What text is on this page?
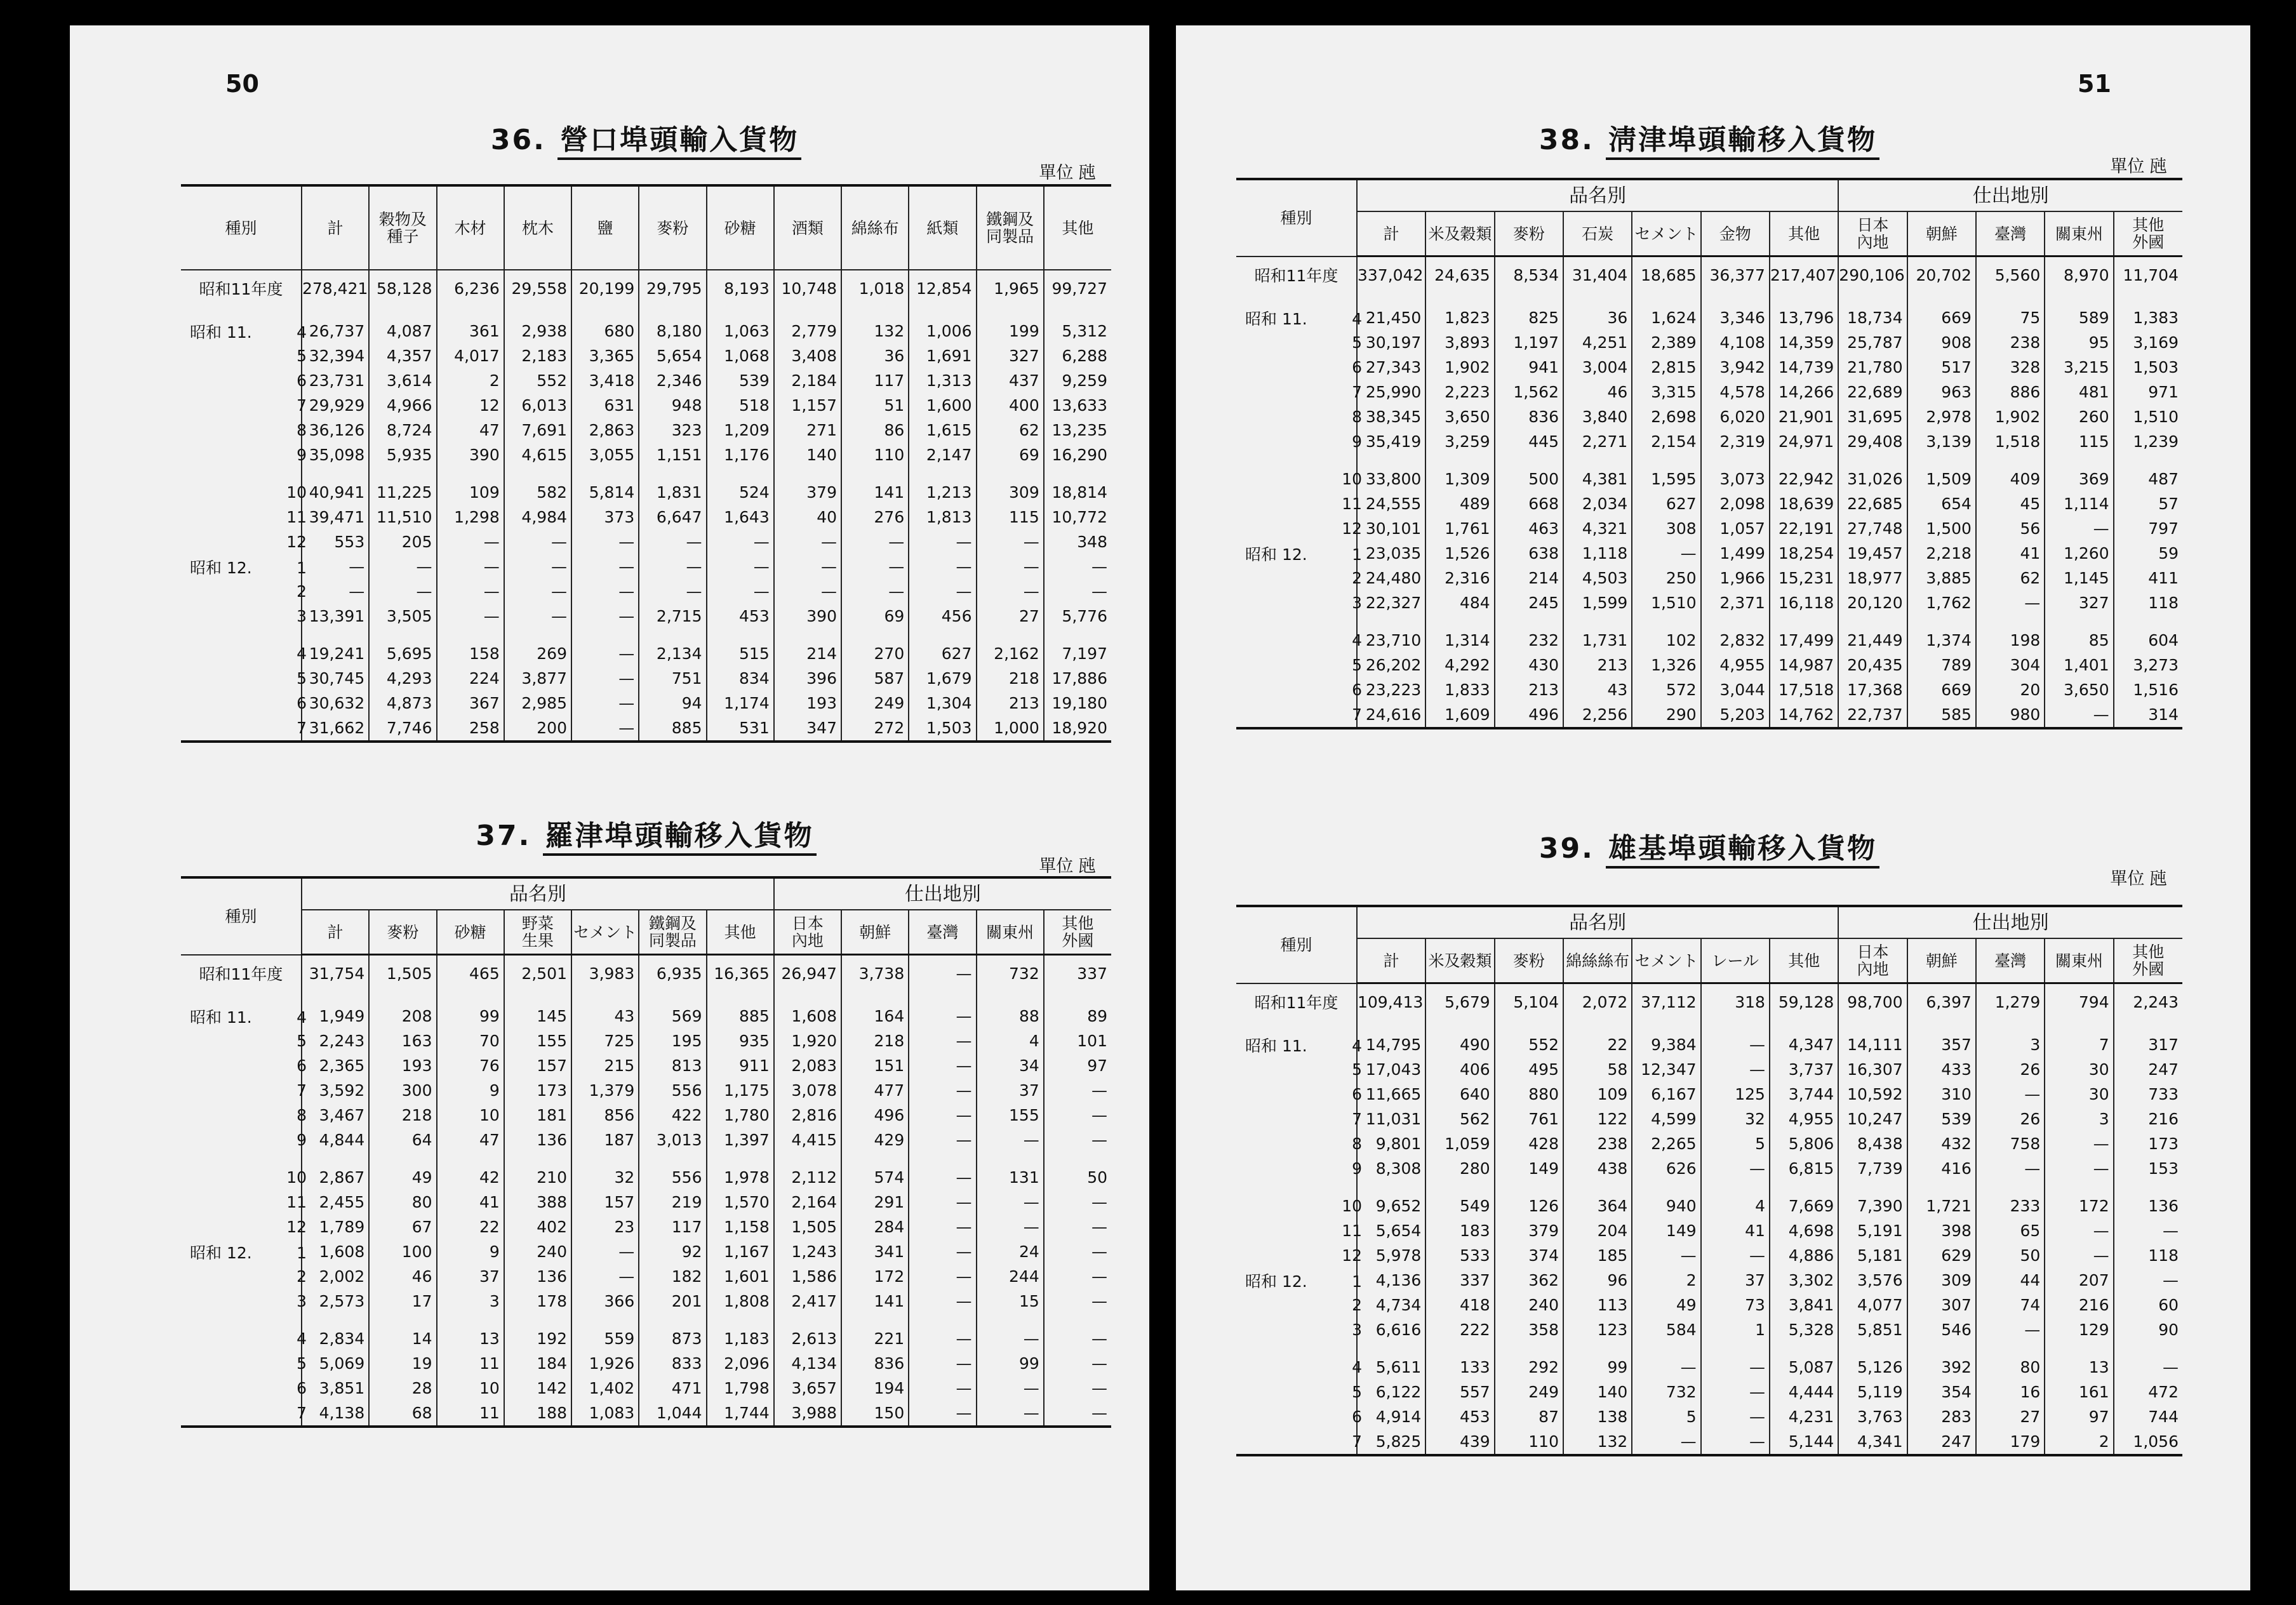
50
36. 營口埠頭輸入貨物
單位 瓲
種別	計	穀物及
種子	木材	枕木	鹽	麥粉	砂糖	酒類	綿絲布	紙類	鐵鋼及
同製品	其他
昭和11年度	278,421	58,128	6,236	29,558	20,199	29,795	8,193	10,748	1,018	12,854	1,965	99,727

昭和 11. 4	26,737	4,087	361	2,938	680	8,180	1,063	2,779	132	1,006	199	5,312
5	32,394	4,357	4,017	2,183	3,365	5,654	1,068	3,408	36	1,691	327	6,288
6	23,731	3,614	2	552	3,418	2,346	539	2,184	117	1,313	437	9,259
7	29,929	4,966	12	6,013	631	948	518	1,157	51	1,600	400	13,633
8	36,126	8,724	47	7,691	2,863	323	1,209	271	86	1,615	62	13,235
9	35,098	5,935	390	4,615	3,055	1,151	1,176	140	110	2,147	69	16,290

10	40,941	11,225	109	582	5,814	1,831	524	379	141	1,213	309	18,814
11	39,471	11,510	1,298	4,984	373	6,647	1,643	40	276	1,813	115	10,772
12	553	205	—	—	—	—	—	—	—	—	—	348
昭和 12. 1	—	—	—	—	—	—	—	—	—	—	—	—
2	—	—	—	—	—	—	—	—	—	—	—	—
3	13,391	3,505	—	—	—	2,715	453	390	69	456	27	5,776

4	19,241	5,695	158	269	—	2,134	515	214	270	627	2,162	7,197
5	30,745	4,293	224	3,877	—	751	834	396	587	1,679	218	17,886
6	30,632	4,873	367	2,985	—	94	1,174	193	249	1,304	213	19,180
7	31,662	7,746	258	200	—	885	531	347	272	1,503	1,000	18,920
37. 羅津埠頭輸移入貨物
單位 瓲
種別	品名別							仕出地別				
	計	麥粉	砂糖	野菜
生果	セメント	鐵鋼及
同製品	其他	日本
內地	朝鮮	臺灣	關東州	其他
外國
昭和11年度	31,754	1,505	465	2,501	3,983	6,935	16,365	26,947	3,738	—	732	337

昭和 11. 4	1,949	208	99	145	43	569	885	1,608	164	—	88	89
5	2,243	163	70	155	725	195	935	1,920	218	—	4	101
6	2,365	193	76	157	215	813	911	2,083	151	—	34	97
7	3,592	300	9	173	1,379	556	1,175	3,078	477	—	37	—
8	3,467	218	10	181	856	422	1,780	2,816	496	—	155	—
9	4,844	64	47	136	187	3,013	1,397	4,415	429	—	—	—

10	2,867	49	42	210	32	556	1,978	2,112	574	—	131	50
11	2,455	80	41	388	157	219	1,570	2,164	291	—	—	—
12	1,789	67	22	402	23	117	1,158	1,505	284	—	—	—
昭和 12. 1	1,608	100	9	240	—	92	1,167	1,243	341	—	24	—
2	2,002	46	37	136	—	182	1,601	1,586	172	—	244	—
3	2,573	17	3	178	366	201	1,808	2,417	141	—	15	—

4	2,834	14	13	192	559	873	1,183	2,613	221	—	—	—
5	5,069	19	11	184	1,926	833	2,096	4,134	836	—	99	—
6	3,851	28	10	142	1,402	471	1,798	3,657	194	—	—	—
7	4,138	68	11	188	1,083	1,044	1,744	3,988	150	—	—	—
51
38. 淸津埠頭輸移入貨物
單位 瓲
種別	品名別							仕出地別				
	計	米及穀類	麥粉	石炭	セメント	金物	其他	日本
內地	朝鮮	臺灣	關東州	其他
外國
昭和11年度	337,042	24,635	8,534	31,404	18,685	36,377	217,407	290,106	20,702	5,560	8,970	11,704

昭和 11. 4	21,450	1,823	825	36	1,624	3,346	13,796	18,734	669	75	589	1,383
5	30,197	3,893	1,197	4,251	2,389	4,108	14,359	25,787	908	238	95	3,169
6	27,343	1,902	941	3,004	2,815	3,942	14,739	21,780	517	328	3,215	1,503
7	25,990	2,223	1,562	46	3,315	4,578	14,266	22,689	963	886	481	971
8	38,345	3,650	836	3,840	2,698	6,020	21,901	31,695	2,978	1,902	260	1,510
9	35,419	3,259	445	2,271	2,154	2,319	24,971	29,408	3,139	1,518	115	1,239

10	33,800	1,309	500	4,381	1,595	3,073	22,942	31,026	1,509	409	369	487
11	24,555	489	668	2,034	627	2,098	18,639	22,685	654	45	1,114	57
12	30,101	1,761	463	4,321	308	1,057	22,191	27,748	1,500	56	—	797
昭和 12. 1	23,035	1,526	638	1,118	—	1,499	18,254	19,457	2,218	41	1,260	59
2	24,480	2,316	214	4,503	250	1,966	15,231	18,977	3,885	62	1,145	411
3	22,327	484	245	1,599	1,510	2,371	16,118	20,120	1,762	—	327	118

4	23,710	1,314	232	1,731	102	2,832	17,499	21,449	1,374	198	85	604
5	26,202	4,292	430	213	1,326	4,955	14,987	20,435	789	304	1,401	3,273
6	23,223	1,833	213	43	572	3,044	17,518	17,368	669	20	3,650	1,516
7	24,616	1,609	496	2,256	290	5,203	14,762	22,737	585	980	—	314
39. 雄基埠頭輸移入貨物
單位 瓲
種別	品名別							仕出地別				
	計	米及穀類	麥粉	綿絲絲布	セメント	レール	其他	日本
內地	朝鮮	臺灣	關東州	其他
外國
昭和11年度	109,413	5,679	5,104	2,072	37,112	318	59,128	98,700	6,397	1,279	794	2,243

昭和 11. 4	14,795	490	552	22	9,384	—	4,347	14,111	357	3	7	317
5	17,043	406	495	58	12,347	—	3,737	16,307	433	26	30	247
6	11,665	640	880	109	6,167	125	3,744	10,592	310	—	30	733
7	11,031	562	761	122	4,599	32	4,955	10,247	539	26	3	216
8	9,801	1,059	428	238	2,265	5	5,806	8,438	432	758	—	173
9	8,308	280	149	438	626	—	6,815	7,739	416	—	—	153

10	9,652	549	126	364	940	4	7,669	7,390	1,721	233	172	136
11	5,654	183	379	204	149	41	4,698	5,191	398	65	—	—
12	5,978	533	374	185	—	—	4,886	5,181	629	50	—	118
昭和 12. 1	4,136	337	362	96	2	37	3,302	3,576	309	44	207	—
2	4,734	418	240	113	49	73	3,841	4,077	307	74	216	60
3	6,616	222	358	123	584	1	5,328	5,851	546	—	129	90

4	5,611	133	292	99	—	—	5,087	5,126	392	80	13	—
5	6,122	557	249	140	732	—	4,444	5,119	354	16	161	472
6	4,914	453	87	138	5	—	4,231	3,763	283	27	97	744
7	5,825	439	110	132	—	—	5,144	4,341	247	179	2	1,056
